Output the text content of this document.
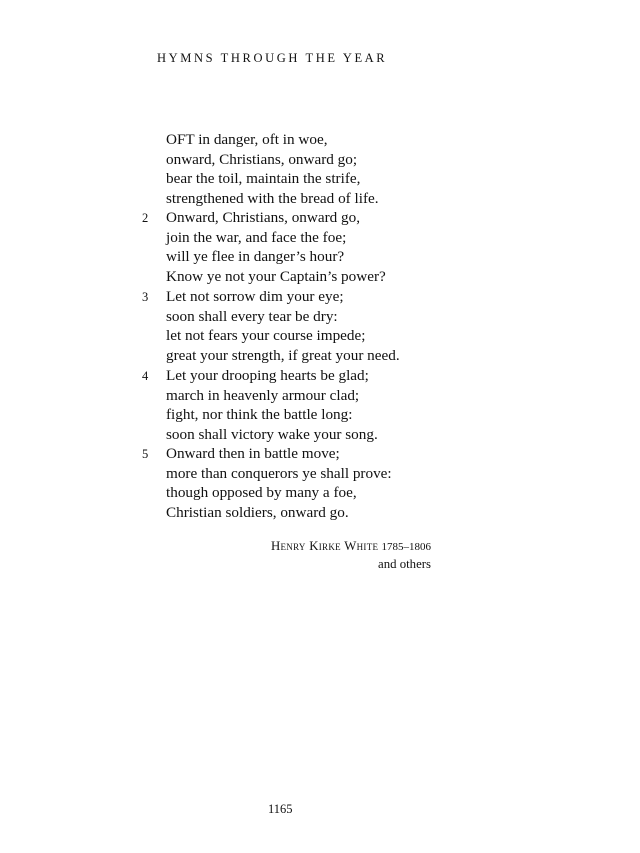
HYMNS THROUGH THE YEAR
OFT in danger, oft in woe,
onward, Christians, onward go;
bear the toil, maintain the strife,
strengthened with the bread of life.
2 Onward, Christians, onward go,
join the war, and face the foe;
will ye flee in danger’s hour?
Know ye not your Captain’s power?
3 Let not sorrow dim your eye;
soon shall every tear be dry:
let not fears your course impede;
great your strength, if great your need.
4 Let your drooping hearts be glad;
march in heavenly armour clad;
fight, nor think the battle long:
soon shall victory wake your song.
5 Onward then in battle move;
more than conquerors ye shall prove:
though opposed by many a foe,
Christian soldiers, onward go.
Henry Kirke White 1785–1806
and others
1165
